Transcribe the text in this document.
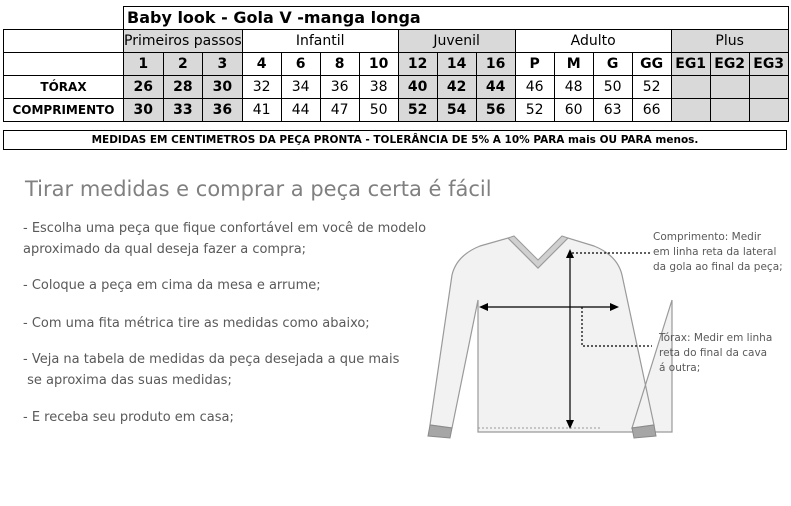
	Baby look - Gola V -manga longa																
	Primeiros passos			Infantil				Juvenil			Adulto				Plus		
	1	2	3	4	6	8	10	12	14	16	P	M	G	GG	EG1	EG2	EG3
TÓRAX	26	28	30	32	34	36	38	40	42	44	46	48	50	52			
COMPRIMENTO	30	33	36	41	44	47	50	52	54	56	52	60	63	66			
MEDIDAS EM CENTIMETROS DA PEÇA PRONTA - TOLERÂNCIA DE 5% A 10% PARA mais OU PARA menos.
Tirar medidas e comprar a peça certa é fácil
- Escolha uma peça que fique confortável em você de modelo
aproximado da qual deseja fazer a compra;
- Coloque a peça em cima da mesa e arrume;
- Com uma fita métrica tire as medidas como abaixo;
- Veja na tabela de medidas da peça desejada a que mais
se aproxima das suas medidas;
- E receba seu produto em casa;
Comprimento: Medir
em linha reta da lateral
da gola ao final da peça;
Tórax: Medir em linha
reta do final da cava
á outra;
